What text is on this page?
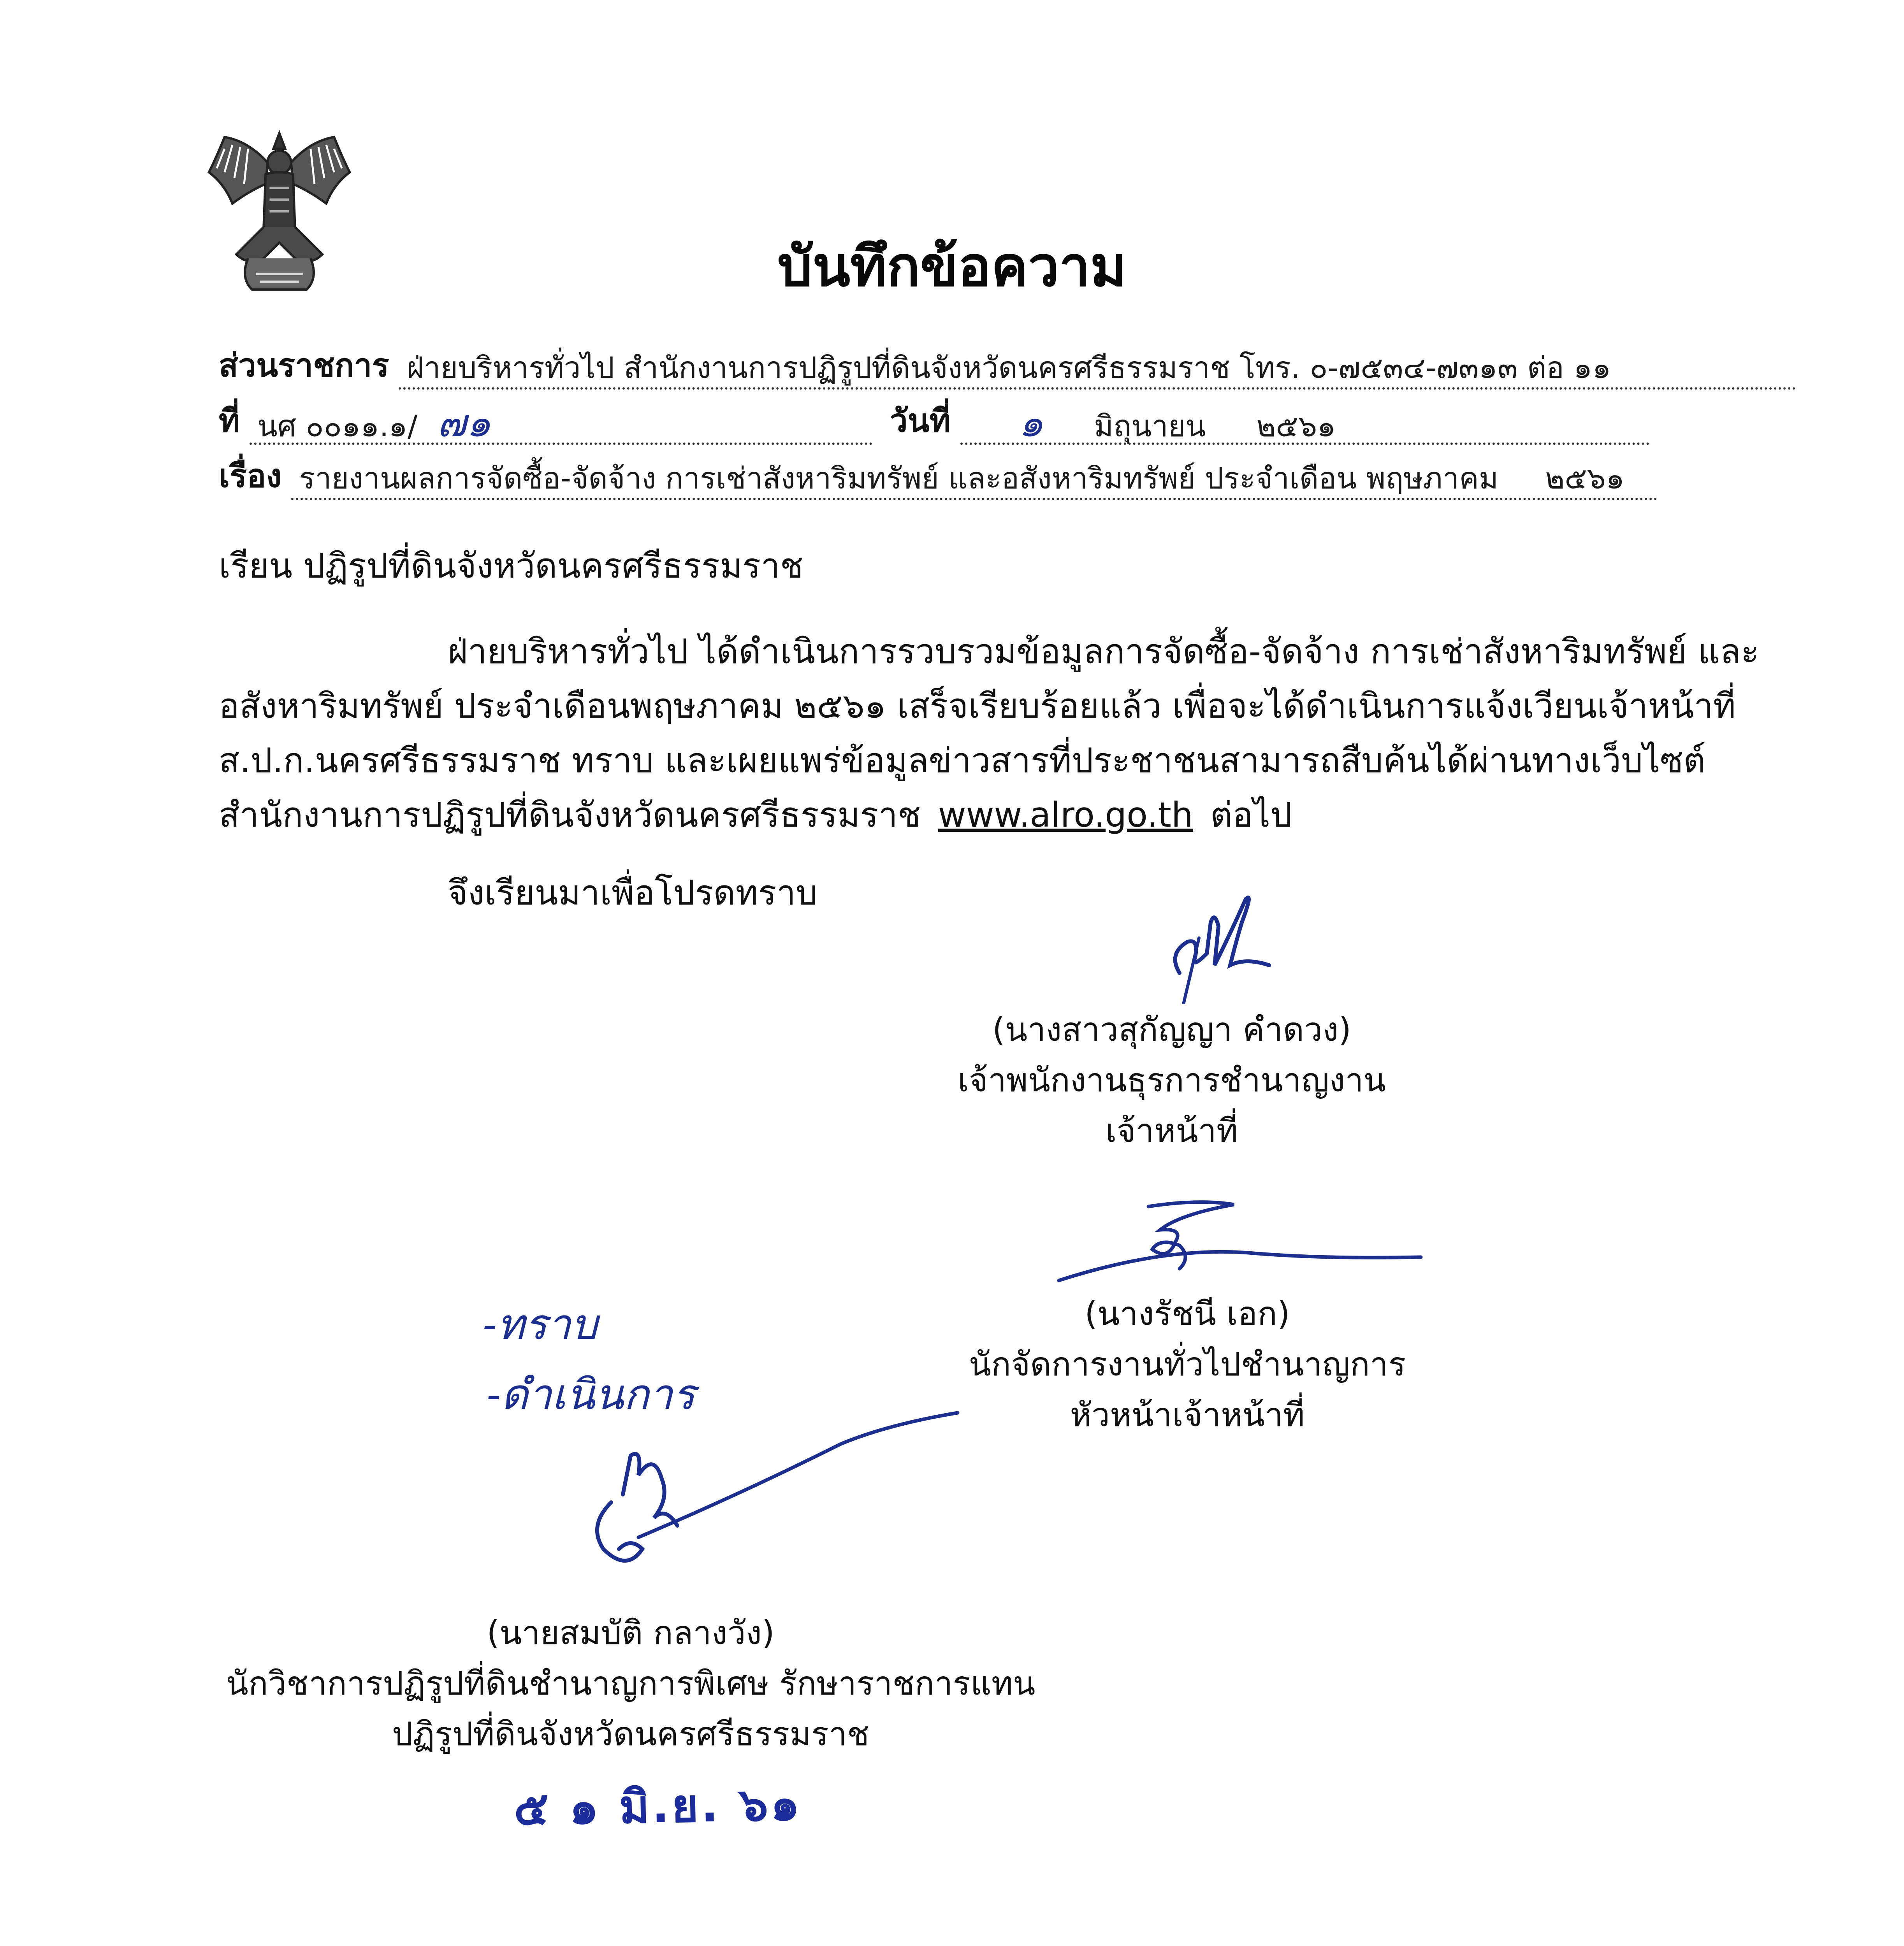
บันทึกข้อความ
ส่วนราชการ ฝ่ายบริหารทั่วไป สำนักงานการปฏิรูปที่ดินจังหวัดนครศรีธรรมราช โทร. ๐-๗๕๓๔-๗๓๑๓ ต่อ ๑๑
ที่ นศ ๐๐๑๑.๑/ ๗๑	วันที่ ๑ มิถุนายน ๒๕๖๑
เรื่อง รายงานผลการจัดซื้อ-จัดจ้าง การเช่าสังหาริมทรัพย์ และอสังหาริมทรัพย์ ประจำเดือน พฤษภาคม ๒๕๖๑
เรียน ปฏิรูปที่ดินจังหวัดนครศรีธรรมราช
ฝ่ายบริหารทั่วไป ได้ดำเนินการรวบรวมข้อมูลการจัดซื้อ-จัดจ้าง การเช่าสังหาริมทรัพย์ และ
อสังหาริมทรัพย์ ประจำเดือนพฤษภาคม ๒๕๖๑ เสร็จเรียบร้อยแล้ว เพื่อจะได้ดำเนินการแจ้งเวียนเจ้าหน้าที่
ส.ป.ก.นครศรีธรรมราช ทราบ และเผยแพร่ข้อมูลข่าวสารที่ประชาชนสามารถสืบค้นได้ผ่านทางเว็บไซต์
สำนักงานการปฏิรูปที่ดินจังหวัดนครศรีธรรมราช www.alro.go.th ต่อไป
จึงเรียนมาเพื่อโปรดทราบ
(นางสาวสุกัญญา คำดวง)
เจ้าพนักงานธุรการชำนาญงาน
เจ้าหน้าที่
(นางรัชนี เอก)
นักจัดการงานทั่วไปชำนาญการ
หัวหน้าเจ้าหน้าที่
-ทราบ
-ดำเนินการ
(นายสมบัติ กลางวัง)
นักวิชาการปฏิรูปที่ดินชำนาญการพิเศษ รักษาราชการแทน
ปฏิรูปที่ดินจังหวัดนครศรีธรรมราช
๕ ๑ มิ.ย. ๖๑
